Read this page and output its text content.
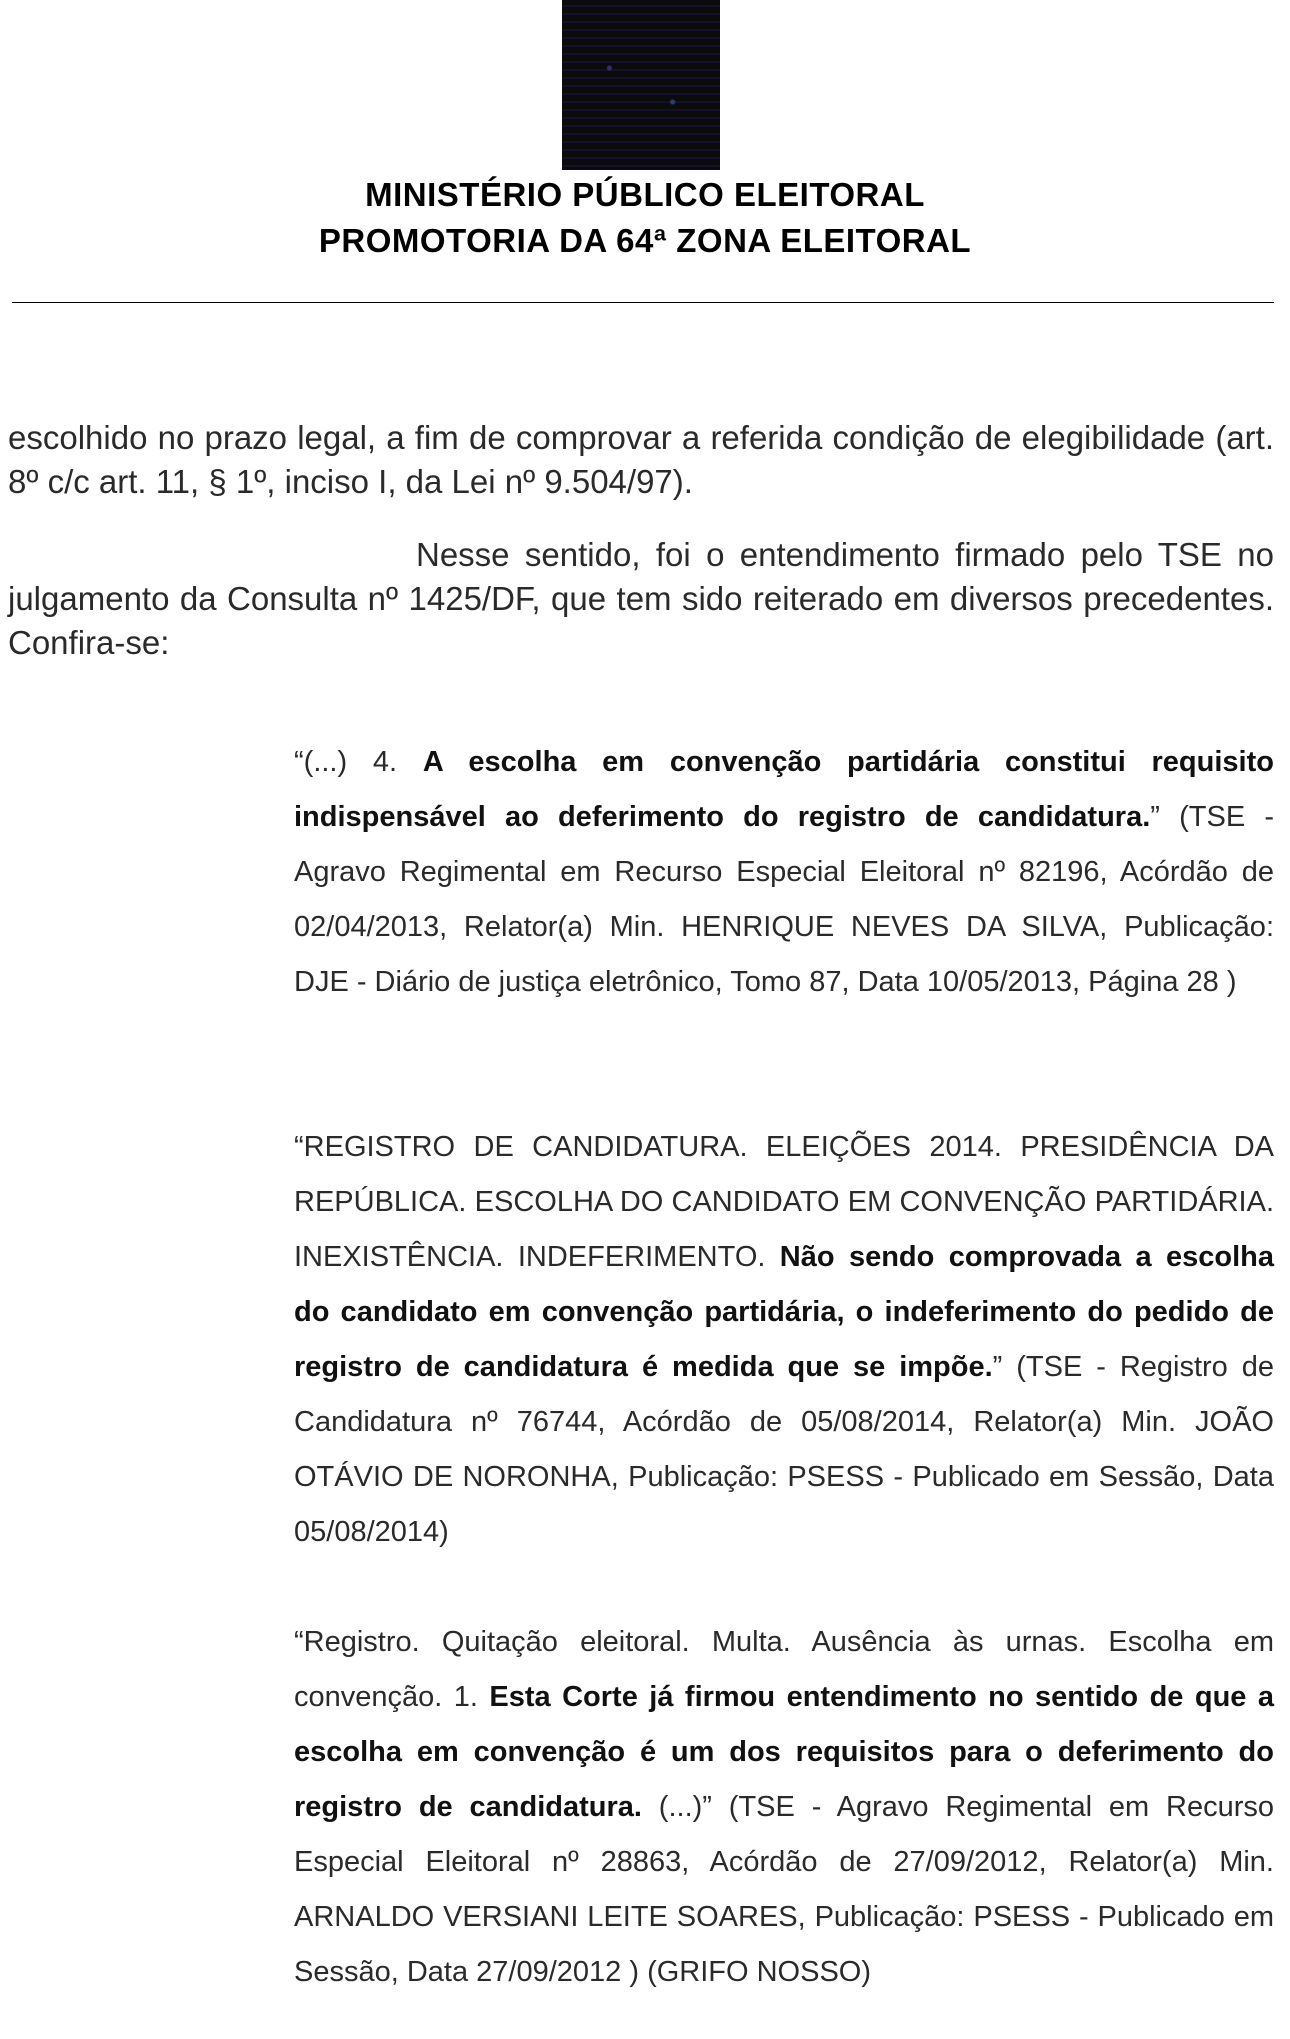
MINISTÉRIO PÚBLICO ELEITORAL
PROMOTORIA DA 64ª ZONA ELEITORAL

escolhido no prazo legal, a fim de comprovar a referida condição de elegibilidade (art. 8º c/c art. 11, § 1º, inciso I, da Lei nº 9.504/97).

Nesse sentido, foi o entendimento firmado pelo TSE no julgamento da Consulta nº 1425/DF, que tem sido reiterado em diversos precedentes. Confira-se:

“(...) 4. A escolha em convenção partidária constitui requisito indispensável ao deferimento do registro de candidatura.” (TSE - Agravo Regimental em Recurso Especial Eleitoral nº 82196, Acórdão de 02/04/2013, Relator(a) Min. HENRIQUE NEVES DA SILVA, Publicação: DJE - Diário de justiça eletrônico, Tomo 87, Data 10/05/2013, Página 28 )

“REGISTRO DE CANDIDATURA. ELEIÇÕES 2014. PRESIDÊNCIA DA REPÚBLICA. ESCOLHA DO CANDIDATO EM CONVENÇÃO PARTIDÁRIA. INEXISTÊNCIA. INDEFERIMENTO. Não sendo comprovada a escolha do candidato em convenção partidária, o indeferimento do pedido de registro de candidatura é medida que se impõe.” (TSE - Registro de Candidatura nº 76744, Acórdão de 05/08/2014, Relator(a) Min. JOÃO OTÁVIO DE NORONHA, Publicação: PSESS - Publicado em Sessão, Data 05/08/2014)

“Registro. Quitação eleitoral. Multa. Ausência às urnas. Escolha em convenção. 1. Esta Corte já firmou entendimento no sentido de que a escolha em convenção é um dos requisitos para o deferimento do registro de candidatura. (...)” (TSE - Agravo Regimental em Recurso Especial Eleitoral nº 28863, Acórdão de 27/09/2012, Relator(a) Min. ARNALDO VERSIANI LEITE SOARES, Publicação: PSESS - Publicado em Sessão, Data 27/09/2012 ) (GRIFO NOSSO)
